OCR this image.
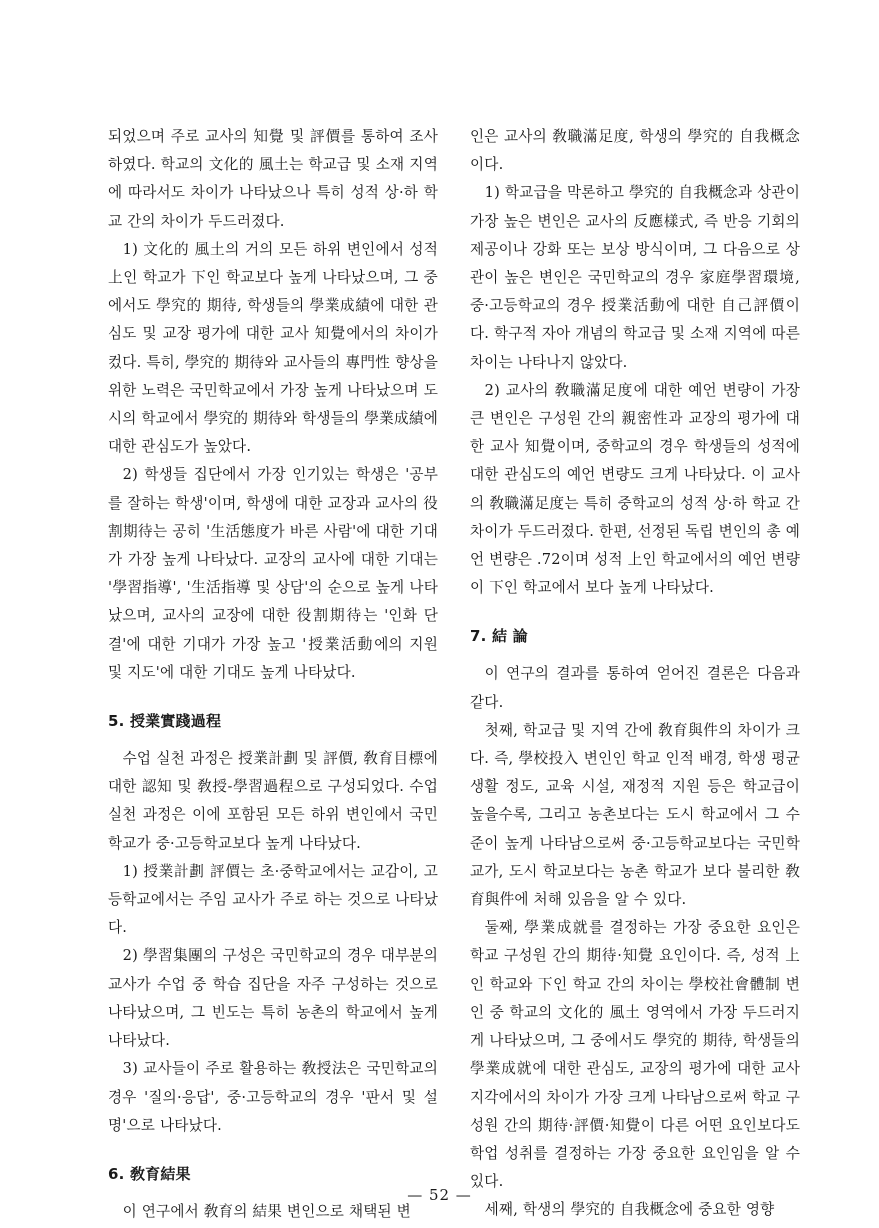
되었으며 주로 교사의 知覺 및 評價를 통하여 조사하였다. 학교의 文化的 風土는 학교급 및 소재 지역에 따라서도 차이가 나타났으나 특히 성적 상·하 학교 간의 차이가 두드러졌다.

1) 文化的 風土의 거의 모든 하위 변인에서 성적 上인 학교가 下인 학교보다 높게 나타났으며, 그 중에서도 學究的 期待, 학생들의 學業成績에 대한 관심도 및 교장 평가에 대한 교사 知覺에서의 차이가 컸다. 특히, 學究的 期待와 교사들의 專門性 향상을 위한 노력은 국민학교에서 가장 높게 나타났으며 도시의 학교에서 學究的 期待와 학생들의 學業成績에 대한 관심도가 높았다.

2) 학생들 집단에서 가장 인기있는 학생은 '공부를 잘하는 학생'이며, 학생에 대한 교장과 교사의 役割期待는 공히 '生活態度가 바른 사람'에 대한 기대가 가장 높게 나타났다. 교장의 교사에 대한 기대는 '學習指導', '生活指導 및 상담'의 순으로 높게 나타났으며, 교사의 교장에 대한 役割期待는 '인화 단결'에 대한 기대가 가장 높고 '授業活動에의 지원 및 지도'에 대한 기대도 높게 나타났다.

5. 授業實踐過程

수업 실천 과정은 授業計劃 및 評價, 敎育目標에 대한 認知 및 敎授-學習過程으로 구성되었다. 수업 실천 과정은 이에 포함된 모든 하위 변인에서 국민학교가 중·고등학교보다 높게 나타났다.

1) 授業計劃 評價는 초·중학교에서는 교감이, 고등학교에서는 주임 교사가 주로 하는 것으로 나타났다.

2) 學習集團의 구성은 국민학교의 경우 대부분의 교사가 수업 중 학습 집단을 자주 구성하는 것으로 나타났으며, 그 빈도는 특히 농촌의 학교에서 높게 나타났다.

3) 교사들이 주로 활용하는 敎授法은 국민학교의 경우 '질의·응답', 중·고등학교의 경우 '판서 및 설명'으로 나타났다.

6. 敎育結果

이 연구에서 敎育의 結果 변인으로 채택된 변

인은 교사의 敎職滿足度, 학생의 學究的 自我概念이다.

1) 학교급을 막론하고 學究的 自我概念과 상관이 가장 높은 변인은 교사의 反應樣式, 즉 반응 기회의 제공이나 강화 또는 보상 방식이며, 그 다음으로 상관이 높은 변인은 국민학교의 경우 家庭學習環境, 중·고등학교의 경우 授業活動에 대한 自己評價이다. 학구적 자아 개념의 학교급 및 소재 지역에 따른 차이는 나타나지 않았다.

2) 교사의 敎職滿足度에 대한 예언 변량이 가장 큰 변인은 구성원 간의 親密性과 교장의 평가에 대한 교사 知覺이며, 중학교의 경우 학생들의 성적에 대한 관심도의 예언 변량도 크게 나타났다. 이 교사의 敎職滿足度는 특히 중학교의 성적 상·하 학교 간 차이가 두드러졌다. 한편, 선정된 독립 변인의 총 예언 변량은 .72이며 성적 上인 학교에서의 예언 변량이 下인 학교에서 보다 높게 나타났다.

7. 結 論

이 연구의 결과를 통하여 얻어진 결론은 다음과 같다.

첫째, 학교급 및 지역 간에 敎育與件의 차이가 크다. 즉, 學校投入 변인인 학교 인적 배경, 학생 평균 생활 정도, 교육 시설, 재정적 지원 등은 학교급이 높을수록, 그리고 농촌보다는 도시 학교에서 그 수준이 높게 나타남으로써 중·고등학교보다는 국민학교가, 도시 학교보다는 농촌 학교가 보다 불리한 敎育與件에 처해 있음을 알 수 있다.

둘째, 學業成就를 결정하는 가장 중요한 요인은 학교 구성원 간의 期待·知覺 요인이다. 즉, 성적 上인 학교와 下인 학교 간의 차이는 學校社會體制 변인 중 학교의 文化的 風土 영역에서 가장 두드러지게 나타났으며, 그 중에서도 學究的 期待, 학생들의 學業成就에 대한 관심도, 교장의 평가에 대한 교사 지각에서의 차이가 가장 크게 나타남으로써 학교 구성원 간의 期待·評價·知覺이 다른 어떤 요인보다도 학업 성취를 결정하는 가장 중요한 요인임을 알 수 있다.

세째, 학생의 學究的 自我概念에 중요한 영향

— 52 —
